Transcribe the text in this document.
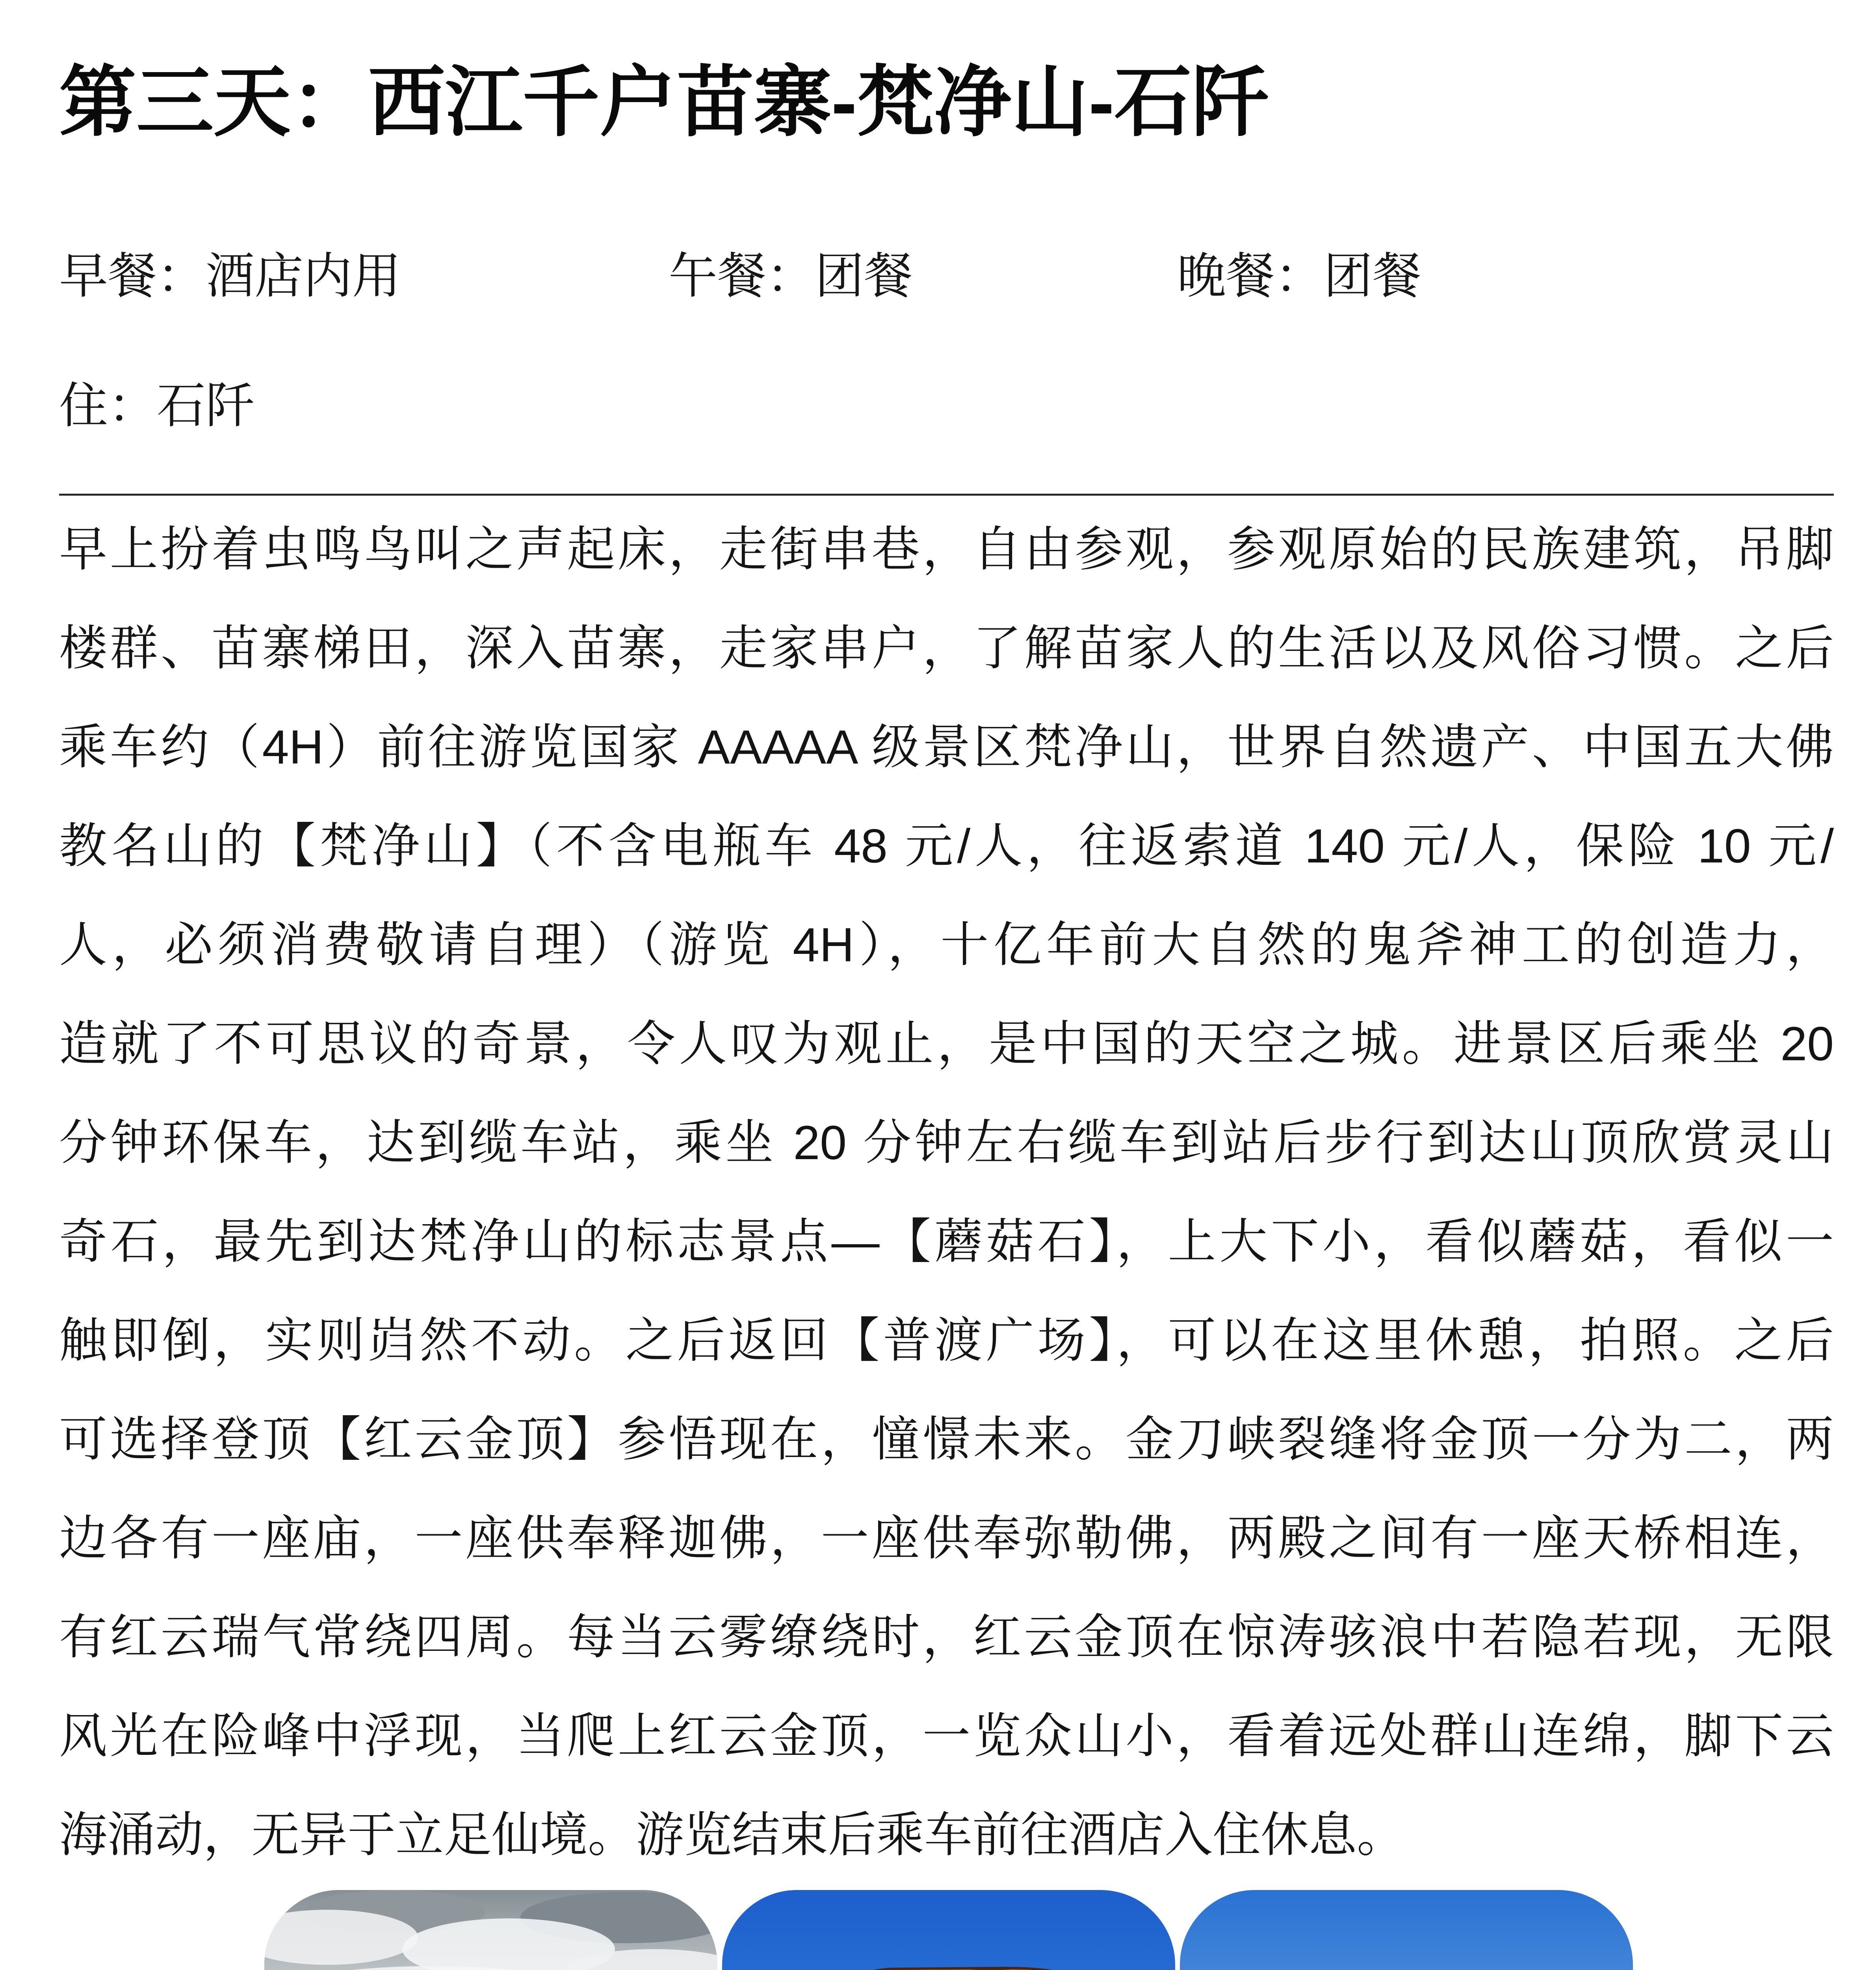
第三天：西江千户苗寨-梵净山-石阡
早餐：酒店内用	午餐：团餐	晚餐：团餐
住：石阡
早上扮着虫鸣鸟叫之声起床，走街串巷，自由参观，参观原始的民族建筑，吊脚
楼群、苗寨梯田，深入苗寨，走家串户，了解苗家人的生活以及风俗习惯。之后
乘车约（4H）前往游览国家 AAAAA 级景区梵净山，世界自然遗产、中国五大佛
教名山的【梵净山】（不含电瓶车 48 元/人，往返索道 140 元/人，保险 10 元/
人，必须消费敬请自理）（游览 4H），十亿年前大自然的鬼斧神工的创造力，
造就了不可思议的奇景，令人叹为观止，是中国的天空之城。进景区后乘坐 20
分钟环保车，达到缆车站，乘坐 20 分钟左右缆车到站后步行到达山顶欣赏灵山
奇石，最先到达梵净山的标志景点—【蘑菇石】，上大下小，看似蘑菇，看似一
触即倒，实则岿然不动。之后返回【普渡广场】，可以在这里休憩，拍照。之后
可选择登顶【红云金顶】参悟现在，憧憬未来。金刀峡裂缝将金顶一分为二，两
边各有一座庙，一座供奉释迦佛，一座供奉弥勒佛，两殿之间有一座天桥相连，
有红云瑞气常绕四周。每当云雾缭绕时，红云金顶在惊涛骇浪中若隐若现，无限
风光在险峰中浮现，当爬上红云金顶，一览众山小，看着远处群山连绵，脚下云
海涌动，无异于立足仙境。游览结束后乘车前往酒店入住休息。
